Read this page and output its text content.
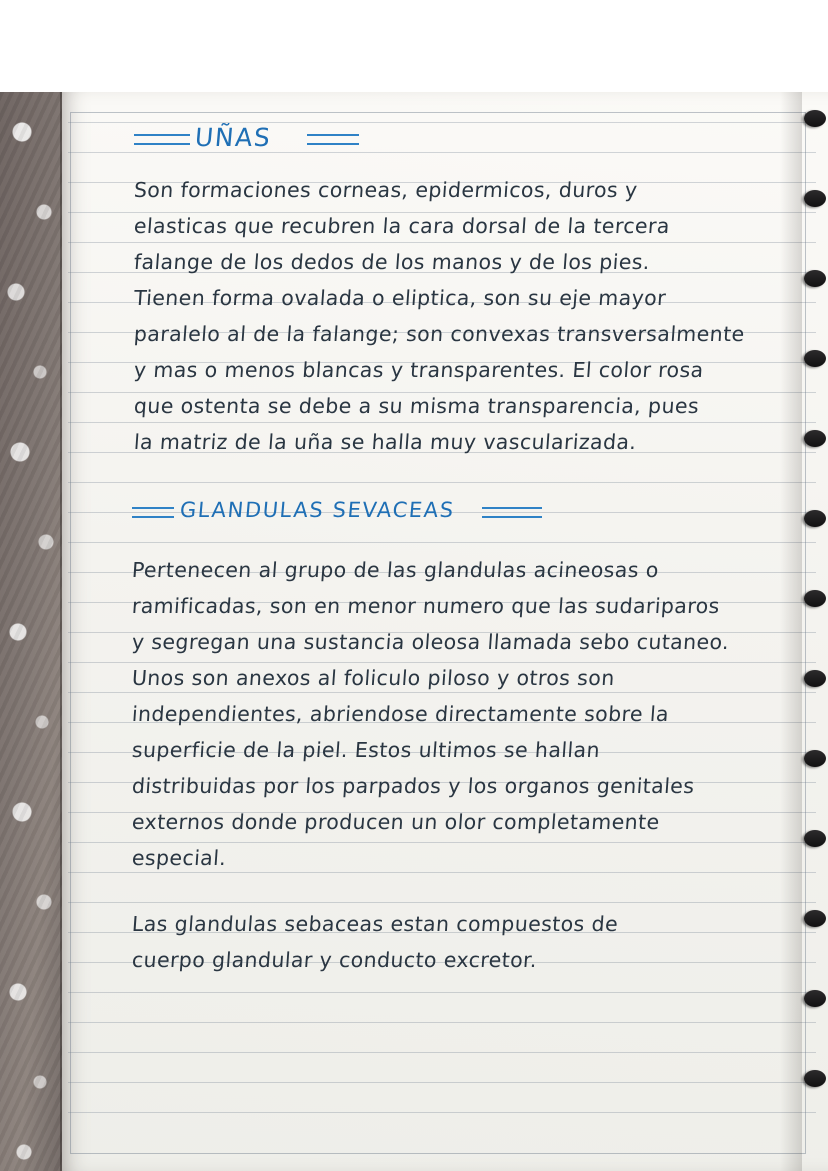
UÑAS
Son formaciones corneas, epidermicos, duros y
elasticas que recubren la cara dorsal de la tercera
falange de los dedos de los manos y de los pies.
Tienen forma ovalada o eliptica, son su eje mayor
paralelo al de la falange; son convexas transversalmente
y mas o menos blancas y transparentes. El color rosa
que ostenta se debe a su misma transparencia, pues
la matriz de la uña se halla muy vascularizada.
GLANDULAS SEVACEAS
Pertenecen al grupo de las glandulas acineosas o
ramificadas, son en menor numero que las sudariparos
y segregan una sustancia oleosa llamada sebo cutaneo.
Unos son anexos al foliculo piloso y otros son
independientes, abriendose directamente sobre la
superficie de la piel. Estos ultimos se hallan
distribuidas por los parpados y los organos genitales
externos donde producen un olor completamente
especial.
Las glandulas sebaceas estan compuestos de
cuerpo glandular y conducto excretor.
